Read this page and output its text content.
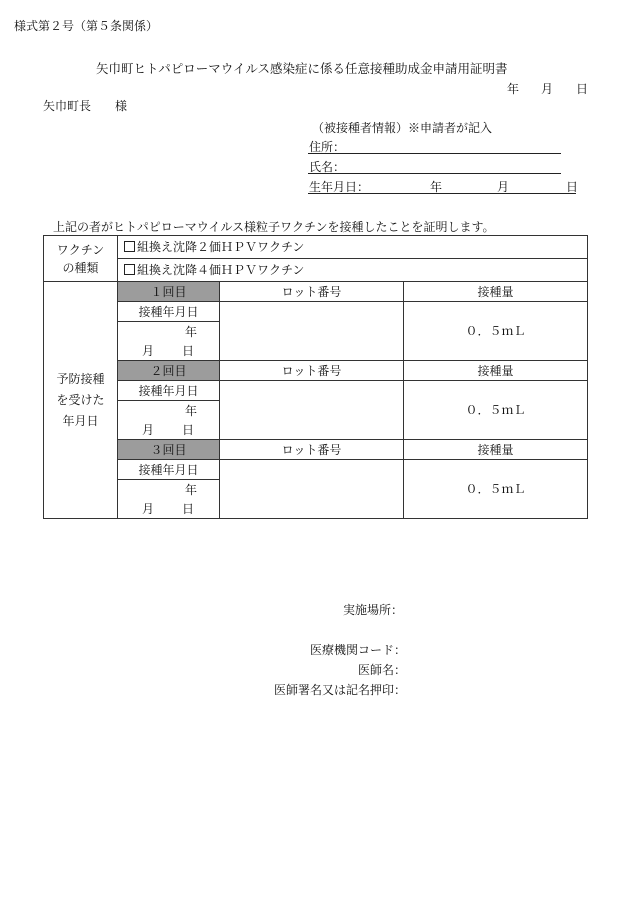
様式第２号（第５条関係）
矢巾町ヒトパピローマウイルス感染症に係る任意接種助成金申請用証明書
年 月 日
矢巾町長　　様
（被接種者情報）※申請者が記入
住所：
氏名：
生年月日：	年	月	日
上記の者がヒトパピローマウイルス様粒子ワクチンを接種したことを証明します。
ワクチン
の種類	組換え沈降２価ＨＰＶワクチン		
	組換え沈降４価ＨＰＶワクチン		
予防接種
を受けた
年月日	１回目	ロット番号	接種量
	接種年月日		０．５ｍＬ
	年		
	月 日		
	２回目	ロット番号	接種量
	接種年月日		０．５ｍＬ
	年		
	月 日		
	３回目	ロット番号	接種量
	接種年月日		０．５ｍＬ
	年		
	月 日		
実施場所：
医療機関コード：
医師名：
医師署名又は記名押印：
